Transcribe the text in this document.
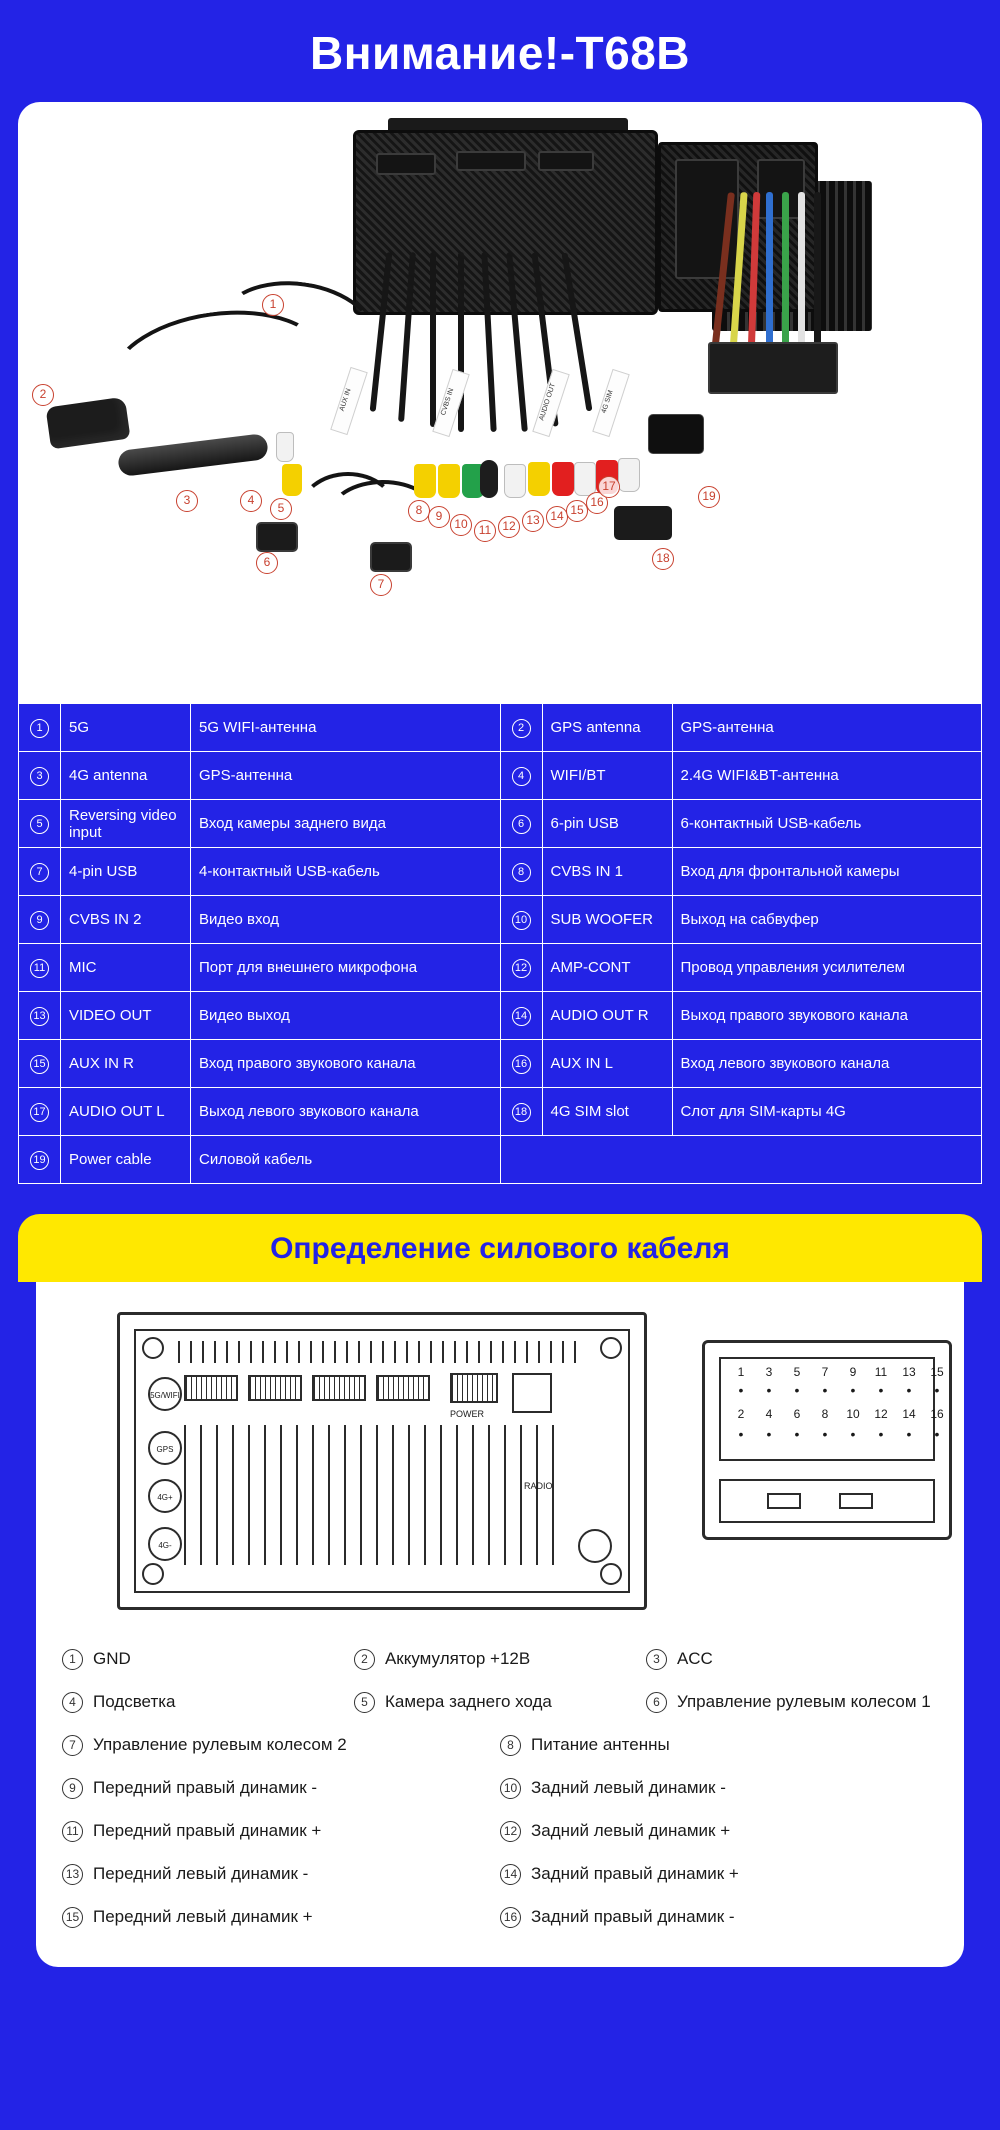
Внимание!-T68B
AUX IN	CVBS IN	AUDIO OUT	4G SIM
1
2
3	4
5
6
7
8	9
10 11 12 13 14 15
16
17
18
19
1	5G	5G WIFI-антенна	2	GPS antenna	GPS-антенна
3	4G antenna	GPS-антенна	4	WIFI/BT	2.4G WIFI&BT-антенна
5	Reversing video input	Вход камеры заднего вида	6	6-pin USB	6-контактный USB-кабель
7	4-pin USB	4-контактный USB-кабель	8	CVBS IN 1	Вход для фронтальной камеры
9	CVBS IN 2	Видео вход	10	SUB WOOFER	Выход на сабвуфер
11	MIC	Порт для внешнего микрофона	12	AMP-CONT	Провод управления усилителем
13	VIDEO OUT	Видео выход	14	AUDIO OUT R	Выход правого звукового канала
15	AUX IN R	Вход правого звукового канала	16	AUX IN L	Вход левого звукового канала
17	AUDIO OUT L	Выход левого звукового канала	18	4G SIM slot	Слот для SIM-карты 4G
19	Power cable	Силовой кабель			
Определение силового кабеля
5G/WIFI
GPS
4G+
4G-
POWER
RADIO
1	3	5	7	9	11	13	15
•	•	•	•	•	•	•	•
2	4	6	8	10	12	14	16
•	•	•	•	•	•	•	•
1	GND	2	Аккумулятор +12В	3	ACC
4	Подсветка	5	Камера заднего хода	6	Управление рулевым колесом 1
7	Управление рулевым колесом 2	8	Питание антенны
9	Передний правый динамик -	10 Задний левый динамик -
11 Передний правый динамик +	12 Задний левый динамик +
13 Передний левый динамик -	14 Задний правый динамик +
15 Передний левый динамик +	16 Задний правый динамик -
